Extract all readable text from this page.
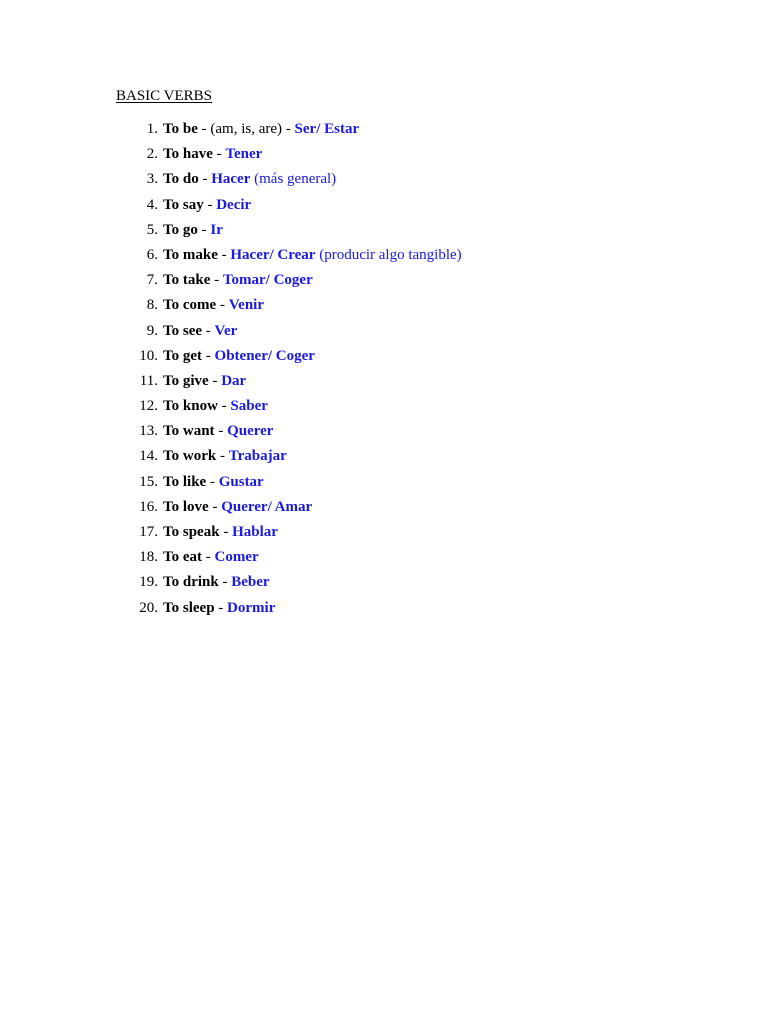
BASIC VERBS
1. To be - (am, is, are) - Ser/ Estar
2. To have - Tener
3. To do - Hacer (más general)
4. To say - Decir
5. To go - Ir
6. To make - Hacer/ Crear (producir algo tangible)
7. To take - Tomar/ Coger
8. To come - Venir
9. To see - Ver
10. To get - Obtener/ Coger
11. To give - Dar
12. To know - Saber
13. To want - Querer
14. To work - Trabajar
15. To like - Gustar
16. To love - Querer/ Amar
17. To speak - Hablar
18. To eat - Comer
19. To drink - Beber
20. To sleep - Dormir
